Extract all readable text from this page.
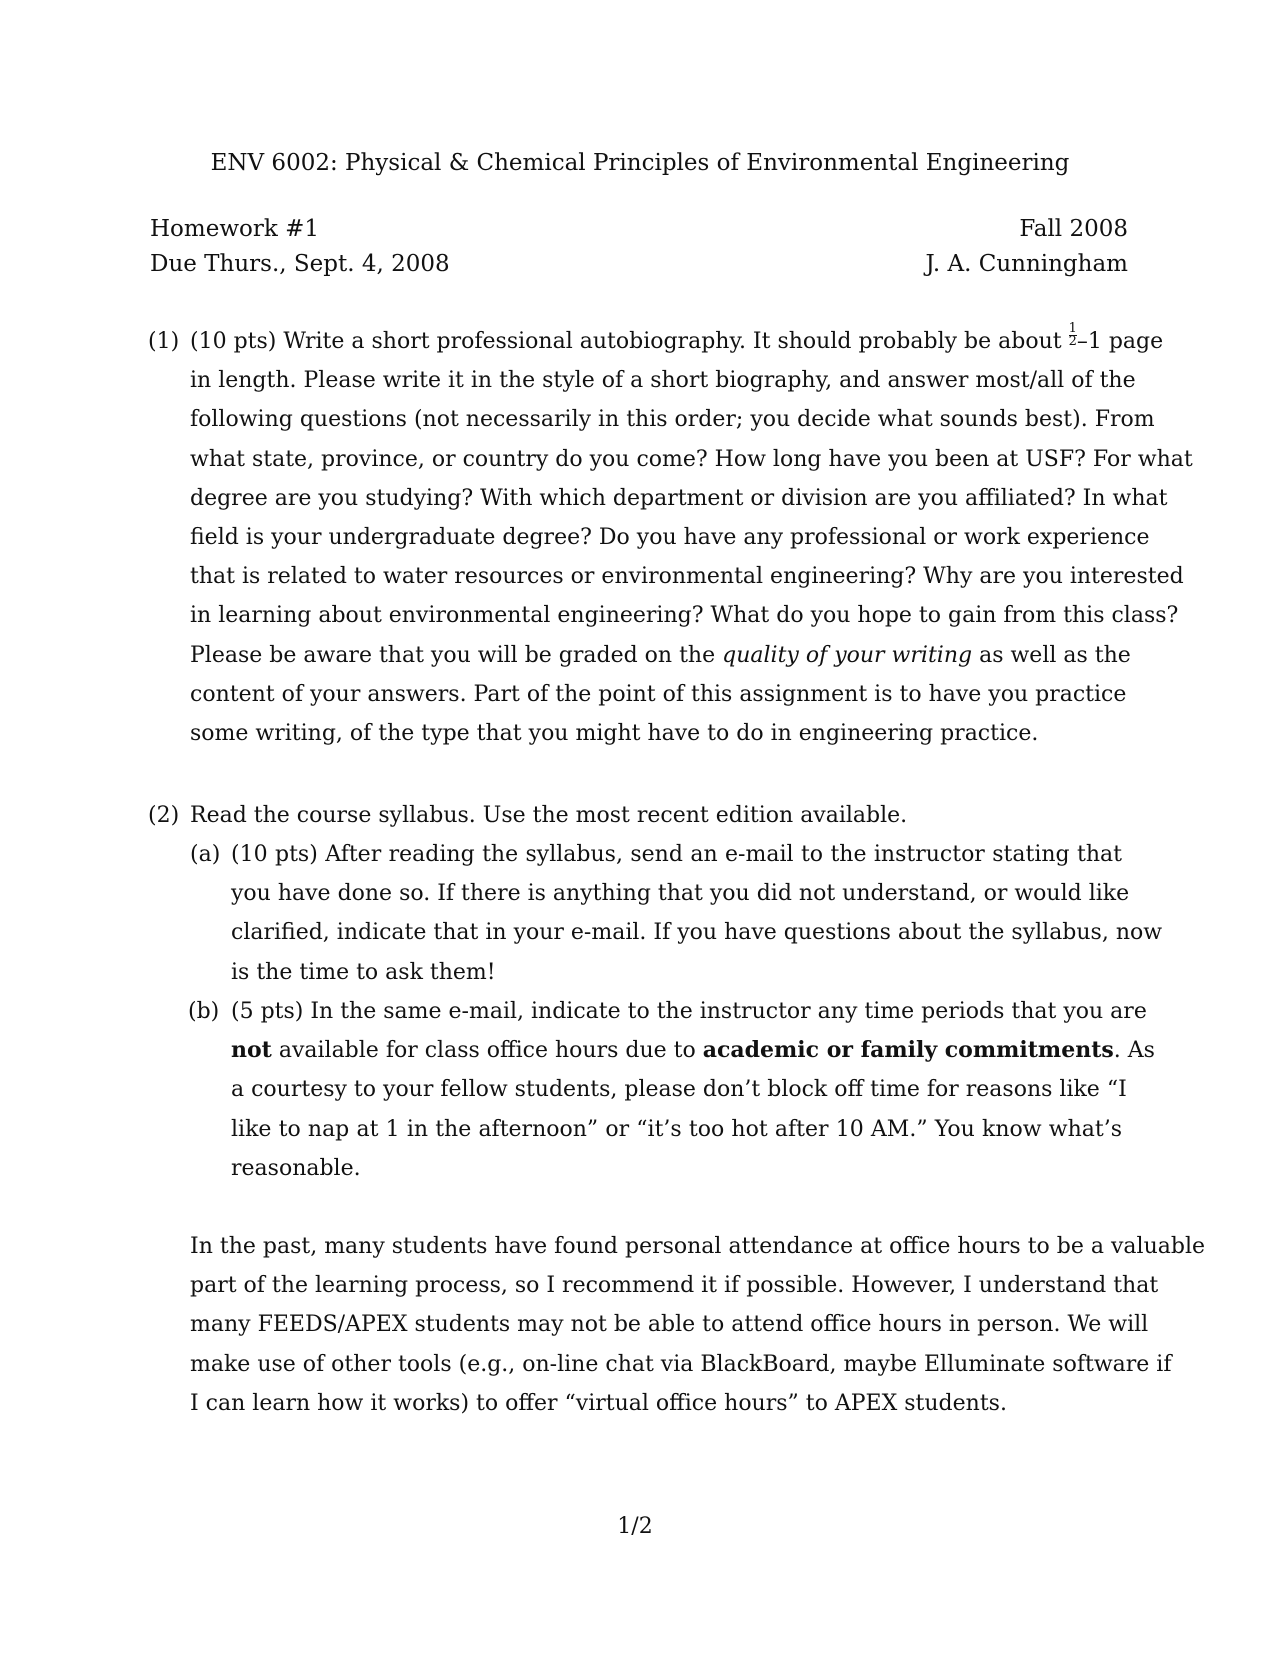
ENV 6002: Physical & Chemical Principles of Environmental Engineering
Homework #1
Due Thurs., Sept. 4, 2008
Fall 2008
J. A. Cunningham
(1) (10 pts) Write a short professional autobiography. It should probably be about $\frac{1}{2} -1$ page
in length. Please write it in the style of a short biography, and answer most/all of the
following questions (not necessarily in this order; you decide what sounds best). From
what state, province, or country do you come? How long have you been at USF? For what
degree are you studying? With which department or division are you affiliated? In what
field is your undergraduate degree? Do you have any professional or work experience
that is related to water resources or environmental engineering? Why are you interested
in learning about environmental engineering? What do you hope to gain from this class?
Please be aware that you will be graded on the quality of your writing as well as the
content of your answers. Part of the point of this assignment is to have you practice
some writing, of the type that you might have to do in engineering practice.
(2) Read the course syllabus. Use the most recent edition available.
(a) (10 pts) After reading the syllabus, send an e-mail to the instructor stating that
you have done so. If there is anything that you did not understand, or would like
clarified, indicate that in your e-mail. If you have questions about the syllabus, now
is the time to ask them!
(b) (5 pts) In the same e-mail, indicate to the instructor any time periods that you are
not available for class office hours due to academic or family commitments. As
a courtesy to your fellow students, please don’t block off time for reasons like “I
like to nap at 1 in the afternoon” or “it’s too hot after 10 AM.” You know what’s
reasonable.
In the past, many students have found personal attendance at office hours to be a valuable
part of the learning process, so I recommend it if possible. However, I understand that
many FEEDS/APEX students may not be able to attend office hours in person. We will
make use of other tools (e.g., on-line chat via BlackBoard, maybe Elluminate software if
I can learn how it works) to offer “virtual office hours” to APEX students.
1/2
